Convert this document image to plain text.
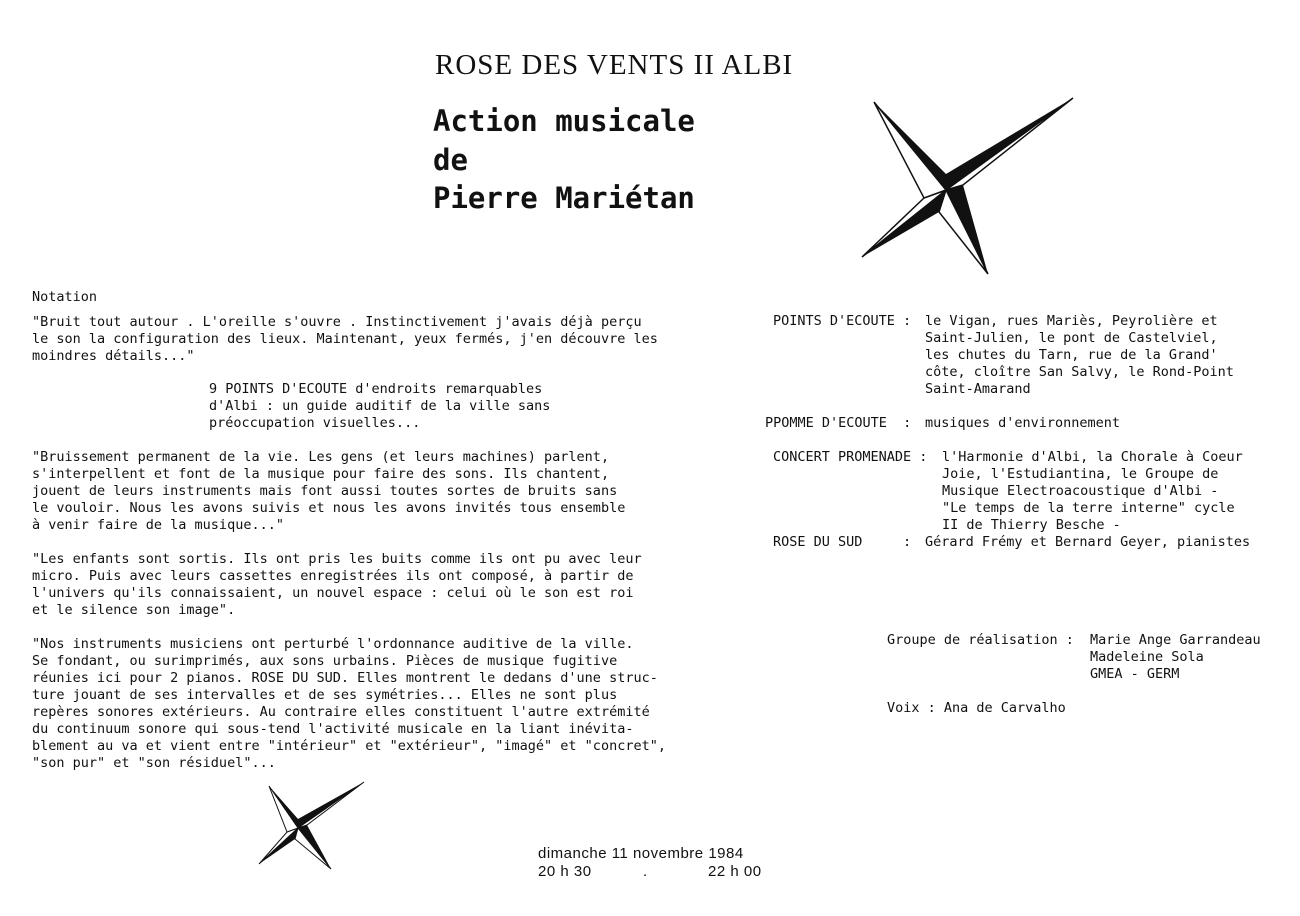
ROSE DES VENTS II ALBI
Action musicale
de
Pierre Mariétan
Notation
"Bruit tout autour . L'oreille s'ouvre . Instinctivement j'avais déjà perçu
le son la configuration des lieux. Maintenant, yeux fermés, j'en découvre les
moindres détails..."
9 POINTS D'ECOUTE d'endroits remarquables
d'Albi : un guide auditif de la ville sans
préoccupation visuelles...
"Bruissement permanent de la vie. Les gens (et leurs machines) parlent,
s'interpellent et font de la musique pour faire des sons. Ils chantent,
jouent de leurs instruments mais font aussi toutes sortes de bruits sans
le vouloir. Nous les avons suivis et nous les avons invités tous ensemble
à venir faire de la musique..."
"Les enfants sont sortis. Ils ont pris les buits comme ils ont pu avec leur
micro. Puis avec leurs cassettes enregistrées ils ont composé, à partir de
l'univers qu'ils connaissaient, un nouvel espace : celui où le son est roi
et le silence son image".
"Nos instruments musiciens ont perturbé l'ordonnance auditive de la ville.
Se fondant, ou surimprimés, aux sons urbains. Pièces de musique fugitive
réunies ici pour 2 pianos. ROSE DU SUD. Elles montrent le dedans d'une struc-
ture jouant de ses intervalles et de ses symétries... Elles ne sont plus
repères sonores extérieurs. Au contraire elles constituent l'autre extrémité
du continuum sonore qui sous-tend l'activité musicale en la liant inévita-
blement au va et vient entre "intérieur" et "extérieur", "imagé" et "concret",
"son pur" et "son résiduel"...
POINTS D'ECOUTE : le Vigan, rues Mariès, Peyrolière et
Saint-Julien, le pont de Castelviel,
les chutes du Tarn, rue de la Grand'
côte, cloître San Salvy, le Rond-Point
Saint-Amarand
PPOMME D'ECOUTE  : musiques d'environnement
CONCERT PROMENADE : l'Harmonie d'Albi, la Chorale à Coeur
Joie, l'Estudiantina, le Groupe de
Musique Electroacoustique d'Albi -
"Le temps de la terre interne" cycle
II de Thierry Besche -
ROSE DU SUD     : Gérard Frémy et Bernard Geyer, pianistes
Groupe de réalisation : Marie Ange Garrandeau
Madeleine Sola
GMEA - GERM
Voix : Ana de Carvalho
dimanche 11 novembre 1984
20 h 30	.	22 h 00
